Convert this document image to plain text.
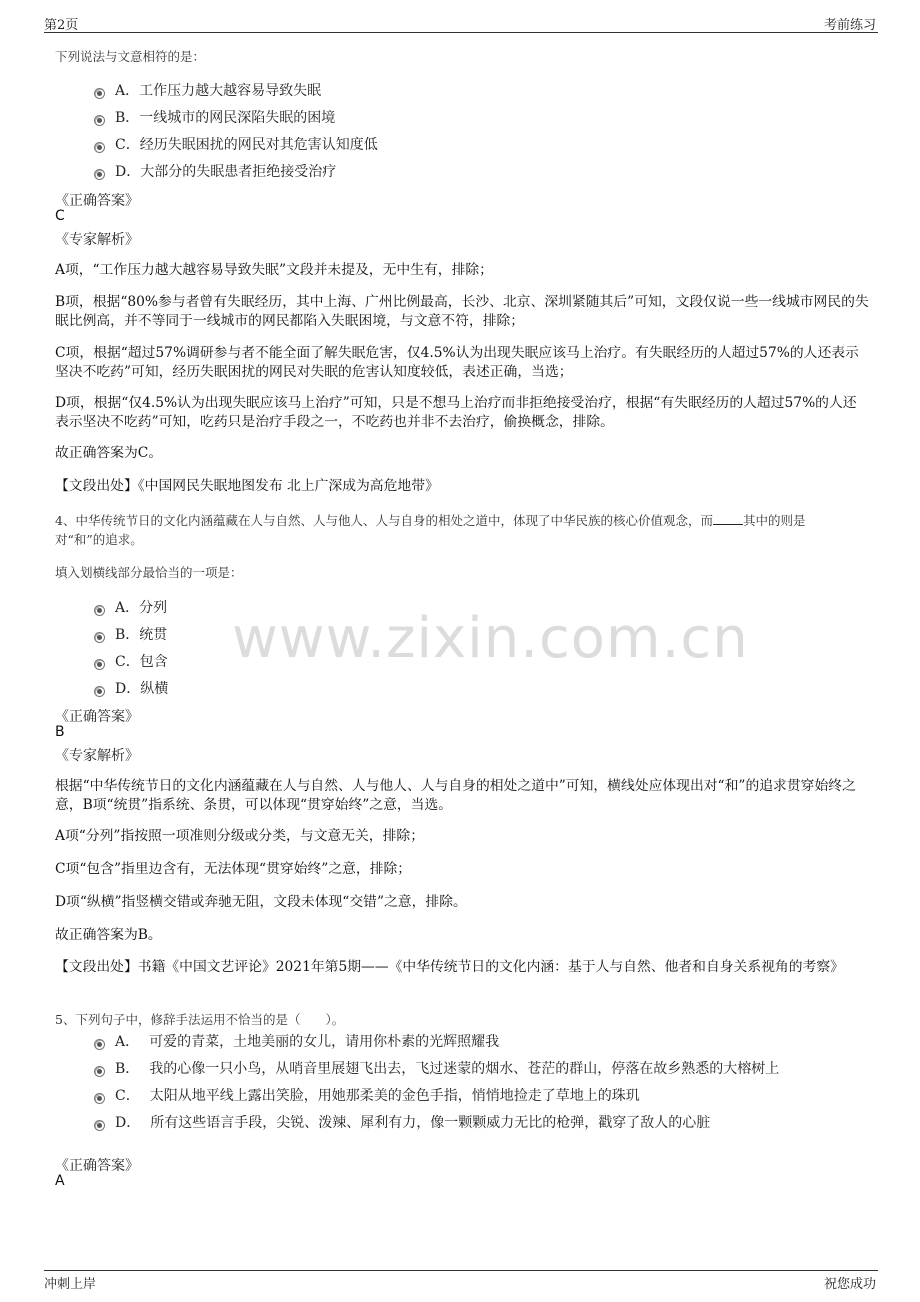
第2页	考前练习
www.zixin.com.cn
下列说法与文意相符的是：
A． 工作压力越大越容易导致失眠
B． 一线城市的网民深陷失眠的困境
C． 经历失眠困扰的网民对其危害认知度低
D． 大部分的失眠患者拒绝接受治疗
《正确答案》
C
《专家解析》
A项，“工作压力越大越容易导致失眠”文段并未提及，无中生有，排除；
B项，根据“80%参与者曾有失眠经历，其中上海、广州比例最高，长沙、北京、深圳紧随其后”可知，文段仅说一些一线城市网民的失眠比例高，并不等同于一线城市的网民都陷入失眠困境，与文意不符，排除；
C项，根据“超过57%调研参与者不能全面了解失眠危害，仅4.5%认为出现失眠应该马上治疗。有失眠经历的人超过57%的人还表示坚决不吃药”可知，经历失眠困扰的网民对失眠的危害认知度较低，表述正确，当选；
D项，根据“仅4.5%认为出现失眠应该马上治疗”可知，只是不想马上治疗而非拒绝接受治疗，根据“有失眠经历的人超过57%的人还表示坚决不吃药”可知，吃药只是治疗手段之一，不吃药也并非不去治疗，偷换概念，排除。
故正确答案为C。
【文段出处】《中国网民失眠地图发布 北上广深成为高危地带》
4、中华传统节日的文化内涵蕴藏在人与自然、人与他人、人与自身的相处之道中，体现了中华民族的核心价值观念，而 其中的则是
对“和”的追求。
填入划横线部分最恰当的一项是：
A． 分列
B． 统贯
C． 包含
D． 纵横
《正确答案》
B
《专家解析》
根据“中华传统节日的文化内涵蕴藏在人与自然、人与他人、人与自身的相处之道中”可知，横线处应体现出对“和”的追求贯穿始终之意，B项“统贯”指系统、条贯，可以体现“贯穿始终”之意，当选。
A项“分列”指按照一项准则分级或分类，与文意无关，排除；
C项“包含”指里边含有，无法体现“贯穿始终”之意，排除；
D项“纵横”指竖横交错或奔驰无阻，文段未体现“交错”之意，排除。
故正确答案为B。
【文段出处】书籍《中国文艺评论》2021年第5期——《中华传统节日的文化内涵：基于人与自然、他者和自身关系视角的考察》
5、下列句子中，修辞手法运用不恰当的是（　　）。
A． 可爱的青菜，土地美丽的女儿，请用你朴素的光辉照耀我
B． 我的心像一只小鸟，从哨音里展翅飞出去，飞过迷蒙的烟水、苍茫的群山，停落在故乡熟悉的大榕树上
C． 太阳从地平线上露出笑脸，用她那柔美的金色手指，悄悄地捡走了草地上的珠玑
D． 所有这些语言手段，尖锐、泼辣、犀利有力，像一颗颗威力无比的枪弹，戳穿了敌人的心脏
《正确答案》
A
冲刺上岸	祝您成功
